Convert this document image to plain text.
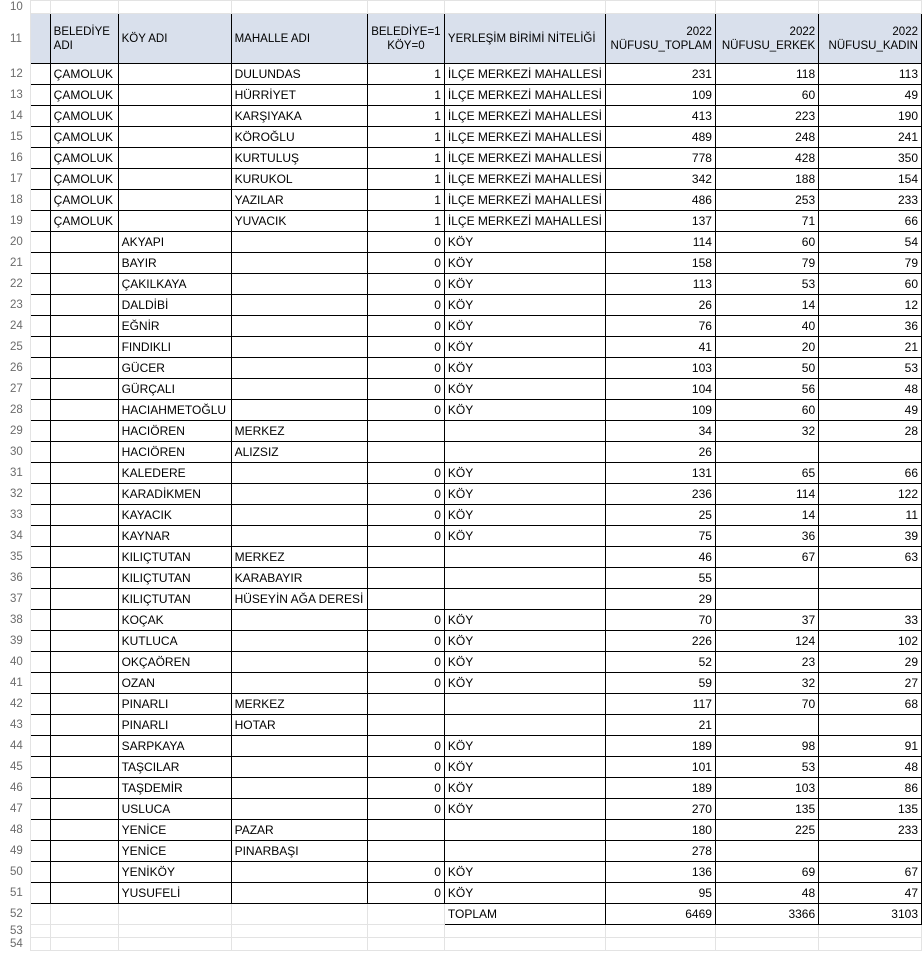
10									
11		BELEDİYE ADI	KÖY ADI	MAHALLE ADI	BELEDİYE=1 KÖY=0	YERLEŞİM BİRİMİ NİTELİĞİ	2022 NÜFUSU_TOPLAM	2022 NÜFUSU_ERKEK	2022 NÜFUSU_KADIN
12		ÇAMOLUK		DULUNDAS	1	İLÇE MERKEZİ MAHALLESİ	231	118	113
13		ÇAMOLUK		HÜRRİYET	1	İLÇE MERKEZİ MAHALLESİ	109	60	49
14		ÇAMOLUK		KARŞIYAKA	1	İLÇE MERKEZİ MAHALLESİ	413	223	190
15		ÇAMOLUK		KÖROĞLU	1	İLÇE MERKEZİ MAHALLESİ	489	248	241
16		ÇAMOLUK		KURTULUŞ	1	İLÇE MERKEZİ MAHALLESİ	778	428	350
17		ÇAMOLUK		KURUKOL	1	İLÇE MERKEZİ MAHALLESİ	342	188	154
18		ÇAMOLUK		YAZILAR	1	İLÇE MERKEZİ MAHALLESİ	486	253	233
19		ÇAMOLUK		YUVACIK	1	İLÇE MERKEZİ MAHALLESİ	137	71	66
20			AKYAPI		0	KÖY	114	60	54
21			BAYIR		0	KÖY	158	79	79
22			ÇAKILKAYA		0	KÖY	113	53	60
23			DALDİBİ		0	KÖY	26	14	12
24			EĞNİR		0	KÖY	76	40	36
25			FINDIKLI		0	KÖY	41	20	21
26			GÜCER		0	KÖY	103	50	53
27			GÜRÇALI		0	KÖY	104	56	48
28			HACIAHMETOĞLU		0	KÖY	109	60	49
29			HACIÖREN	MERKEZ			34	32	28
30			HACIÖREN	ALIZSIZ			26		
31			KALEDERE		0	KÖY	131	65	66
32			KARADİKMEN		0	KÖY	236	114	122
33			KAYACIK		0	KÖY	25	14	11
34			KAYNAR		0	KÖY	75	36	39
35			KILIÇTUTAN	MERKEZ			46	67	63
36			KILIÇTUTAN	KARABAYIR			55		
37			KILIÇTUTAN	HÜSEYİN AĞA DERESİ			29		
38			KOÇAK		0	KÖY	70	37	33
39			KUTLUCA		0	KÖY	226	124	102
40			OKÇAÖREN		0	KÖY	52	23	29
41			OZAN		0	KÖY	59	32	27
42			PINARLI	MERKEZ			117	70	68
43			PINARLI	HOTAR			21		
44			SARPKAYA		0	KÖY	189	98	91
45			TAŞCILAR		0	KÖY	101	53	48
46			TAŞDEMİR		0	KÖY	189	103	86
47			USLUCA		0	KÖY	270	135	135
48			YENİCE	PAZAR			180	225	233
49			YENİCE	PINARBAŞI			278		
50			YENİKÖY		0	KÖY	136	69	67
51			YUSUFELİ		0	KÖY	95	48	47
52						TOPLAM	6469	3366	3103
53									
54									
